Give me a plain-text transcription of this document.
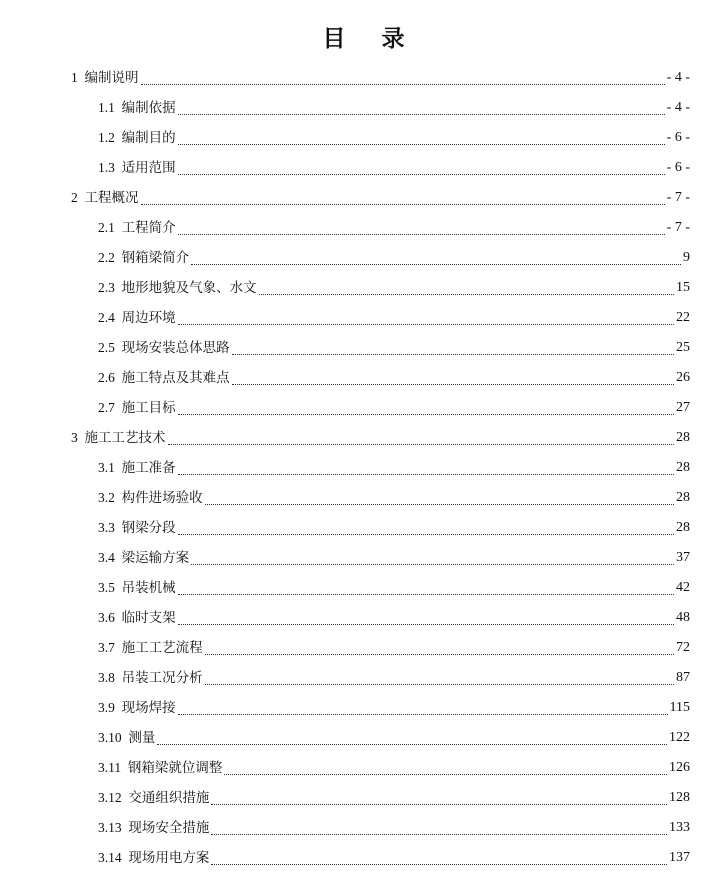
目 录
1 编制说明	- 4 -
1.1 编制依据	- 4 -
1.2 编制目的	- 6 -
1.3 适用范围	- 6 -
2 工程概况	- 7 -
2.1 工程简介	- 7 -
2.2 钢箱梁简介	9
2.3 地形地貌及气象、水文	15
2.4 周边环境	22
2.5 现场安装总体思路	25
2.6 施工特点及其难点	26
2.7 施工目标	27
3 施工工艺技术	28
3.1 施工准备	28
3.2 构件进场验收	28
3.3 钢梁分段	28
3.4 梁运输方案	37
3.5 吊装机械	42
3.6 临时支架	48
3.7 施工工艺流程	72
3.8 吊装工况分析	87
3.9 现场焊接	115
3.10 测量	122
3.11 钢箱梁就位调整	126
3.12 交通组织措施	128
3.13 现场安全措施	133
3.14 现场用电方案	137
